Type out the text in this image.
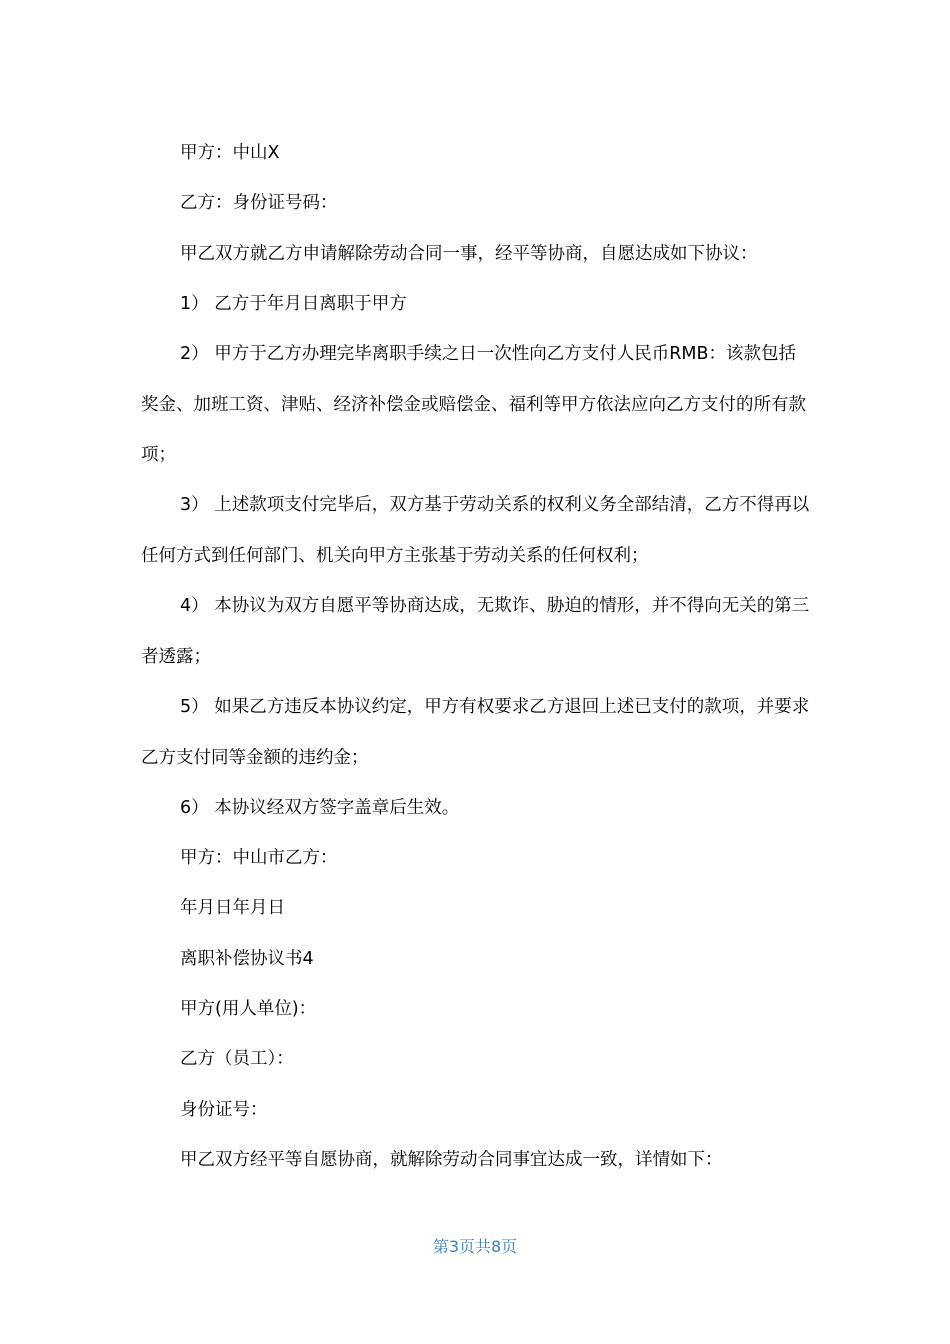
甲方：中山X

乙方：身份证号码：

甲乙双方就乙方申请解除劳动合同一事，经平等协商，自愿达成如下协议：

1） 乙方于年月日离职于甲方

2） 甲方于乙方办理完毕离职手续之日一次性向乙方支付人民币RMB：该款包括奖金、加班工资、津贴、经济补偿金或赔偿金、福利等甲方依法应向乙方支付的所有款项；

3） 上述款项支付完毕后，双方基于劳动关系的权利义务全部结清，乙方不得再以任何方式到任何部门、机关向甲方主张基于劳动关系的任何权利；

4） 本协议为双方自愿平等协商达成，无欺诈、胁迫的情形，并不得向无关的第三者透露；

5） 如果乙方违反本协议约定，甲方有权要求乙方退回上述已支付的款项，并要求乙方支付同等金额的违约金；

6） 本协议经双方签字盖章后生效。

甲方：中山市乙方：

年月日年月日

离职补偿协议书4

甲方(用人单位)：

乙方（员工）：

身份证号：

甲乙双方经平等自愿协商，就解除劳动合同事宜达成一致，详情如下：

第3页共8页
